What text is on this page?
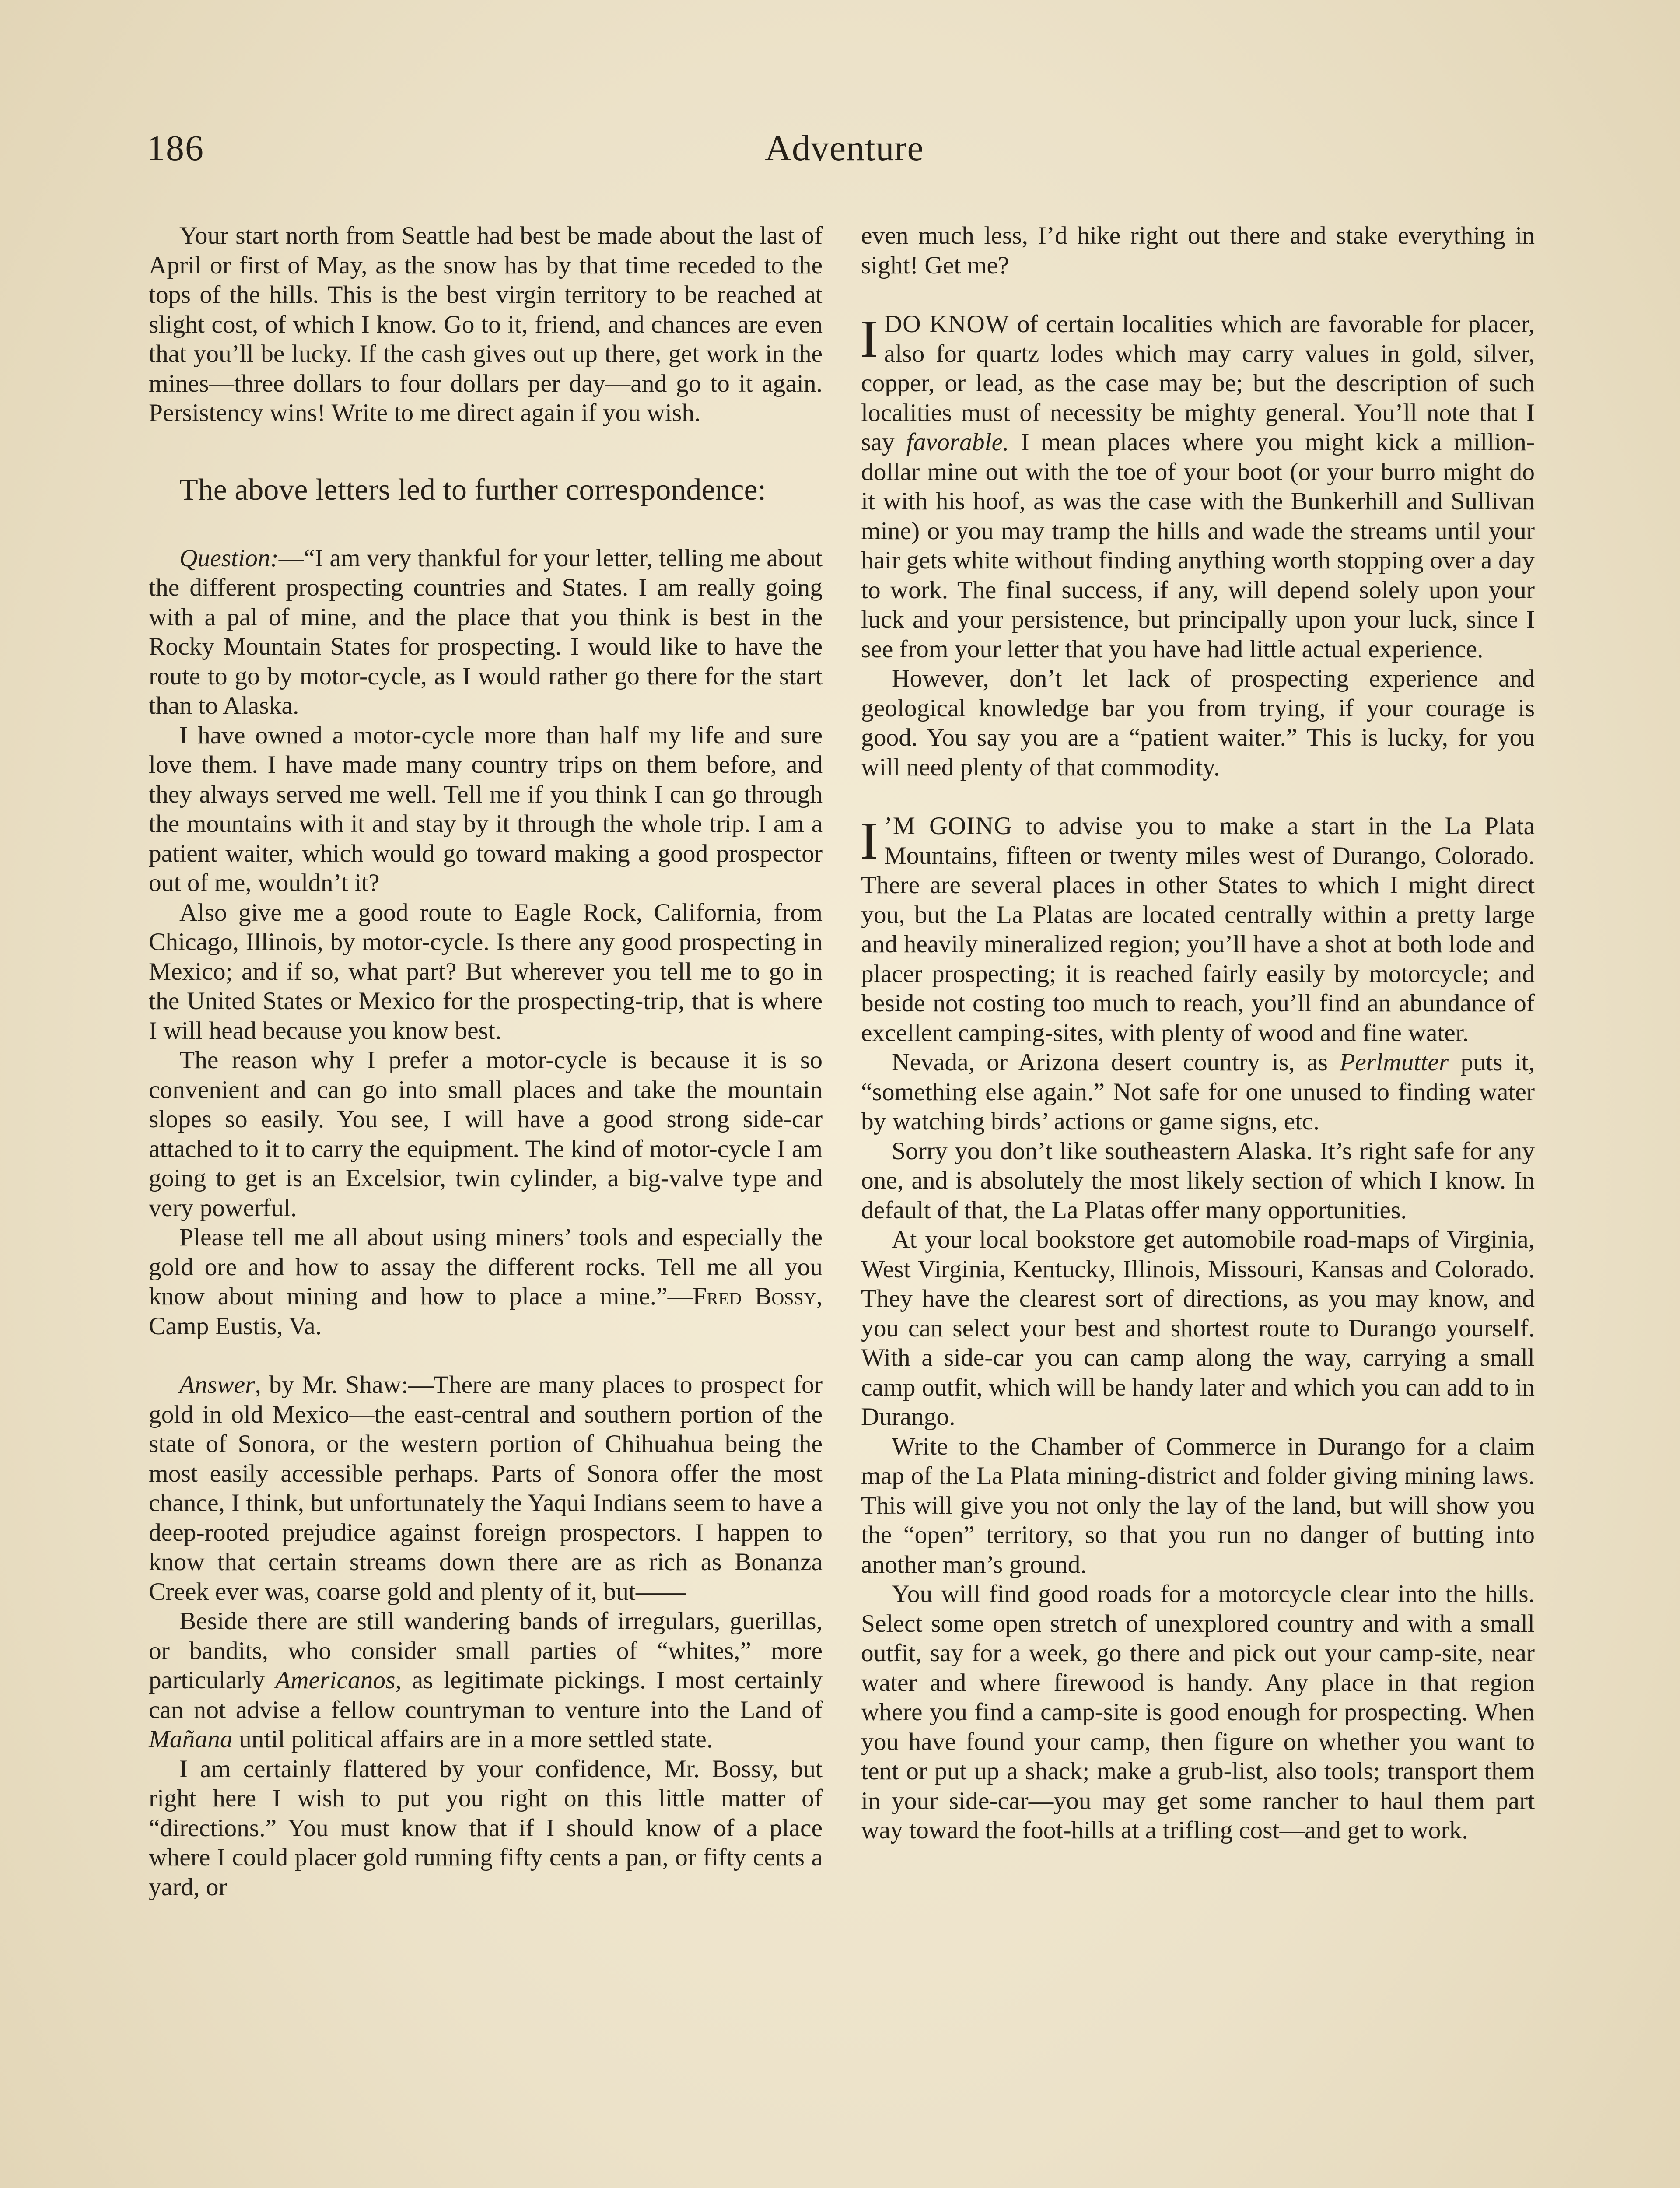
186	Adventure

Your start north from Seattle had best be made about the last of April or first of May, as the snow has by that time receded to the tops of the hills. This is the best virgin territory to be reached at slight cost, of which I know. Go to it, friend, and chances are even that you’ll be lucky. If the cash gives out up there, get work in the mines—three dollars to four dollars per day—and go to it again. Persistency wins! Write to me direct again if you wish.

The above letters led to further correspondence:

Question:—“I am very thankful for your letter, telling me about the different prospecting countries and States. I am really going with a pal of mine, and the place that you think is best in the Rocky Mountain States for prospecting. I would like to have the route to go by motor-cycle, as I would rather go there for the start than to Alaska.

I have owned a motor-cycle more than half my life and sure love them. I have made many country trips on them before, and they always served me well. Tell me if you think I can go through the mountains with it and stay by it through the whole trip. I am a patient waiter, which would go toward making a good prospector out of me, wouldn’t it?

Also give me a good route to Eagle Rock, California, from Chicago, Illinois, by motor-cycle. Is there any good prospecting in Mexico; and if so, what part? But wherever you tell me to go in the United States or Mexico for the prospecting-trip, that is where I will head because you know best.

The reason why I prefer a motor-cycle is because it is so convenient and can go into small places and take the mountain slopes so easily. You see, I will have a good strong side-car attached to it to carry the equipment. The kind of motor-cycle I am going to get is an Excelsior, twin cylinder, a big-valve type and very powerful.

Please tell me all about using miners’ tools and especially the gold ore and how to assay the different rocks. Tell me all you know about mining and how to place a mine.”—Fred Bossy, Camp Eustis, Va.

Answer, by Mr. Shaw:—There are many places to prospect for gold in old Mexico—the east-central and southern portion of the state of Sonora, or the western portion of Chihuahua being the most easily accessible perhaps. Parts of Sonora offer the most chance, I think, but unfortunately the Yaqui Indians seem to have a deep-rooted prejudice against foreign prospectors. I happen to know that certain streams down there are as rich as Bonanza Creek ever was, coarse gold and plenty of it, but——

Beside there are still wandering bands of irregulars, guerillas, or bandits, who consider small parties of “whites,” more particularly Americanos, as legitimate pickings. I most certainly can not advise a fellow countryman to venture into the Land of Mañana until political affairs are in a more settled state.

I am certainly flattered by your confidence, Mr. Bossy, but right here I wish to put you right on this little matter of “directions.” You must know that if I should know of a place where I could placer gold running fifty cents a pan, or fifty cents a yard, or

even much less, I’d hike right out there and stake everything in sight! Get me?

I DO KNOW of certain localities which are favorable for placer, also for quartz lodes which may carry values in gold, silver, copper, or lead, as the case may be; but the description of such localities must of necessity be mighty general. You’ll note that I say favorable. I mean places where you might kick a million-dollar mine out with the toe of your boot (or your burro might do it with his hoof, as was the case with the Bunkerhill and Sullivan mine) or you may tramp the hills and wade the streams until your hair gets white without finding anything worth stopping over a day to work. The final success, if any, will depend solely upon your luck and your persistence, but principally upon your luck, since I see from your letter that you have had little actual experience.

However, don’t let lack of prospecting experience and geological knowledge bar you from trying, if your courage is good. You say you are a “patient waiter.” This is lucky, for you will need plenty of that commodity.

I ’M GOING to advise you to make a start in the La Plata Mountains, fifteen or twenty miles west of Durango, Colorado. There are several places in other States to which I might direct you, but the La Platas are located centrally within a pretty large and heavily mineralized region; you’ll have a shot at both lode and placer prospecting; it is reached fairly easily by motorcycle; and beside not costing too much to reach, you’ll find an abundance of excellent camping-sites, with plenty of wood and fine water.

Nevada, or Arizona desert country is, as Perlmutter puts it, “something else again.” Not safe for one unused to finding water by watching birds’ actions or game signs, etc.

Sorry you don’t like southeastern Alaska. It’s right safe for any one, and is absolutely the most likely section of which I know. In default of that, the La Platas offer many opportunities.

At your local bookstore get automobile road-maps of Virginia, West Virginia, Kentucky, Illinois, Missouri, Kansas and Colorado. They have the clearest sort of directions, as you may know, and you can select your best and shortest route to Durango yourself. With a side-car you can camp along the way, carrying a small camp outfit, which will be handy later and which you can add to in Durango.

Write to the Chamber of Commerce in Durango for a claim map of the La Plata mining-district and folder giving mining laws. This will give you not only the lay of the land, but will show you the “open” territory, so that you run no danger of butting into another man’s ground.

You will find good roads for a motorcycle clear into the hills. Select some open stretch of unexplored country and with a small outfit, say for a week, go there and pick out your camp-site, near water and where firewood is handy. Any place in that region where you find a camp-site is good enough for prospecting. When you have found your camp, then figure on whether you want to tent or put up a shack; make a grub-list, also tools; transport them in your side-car—you may get some rancher to haul them part way toward the foot-hills at a trifling cost—and get to work.
